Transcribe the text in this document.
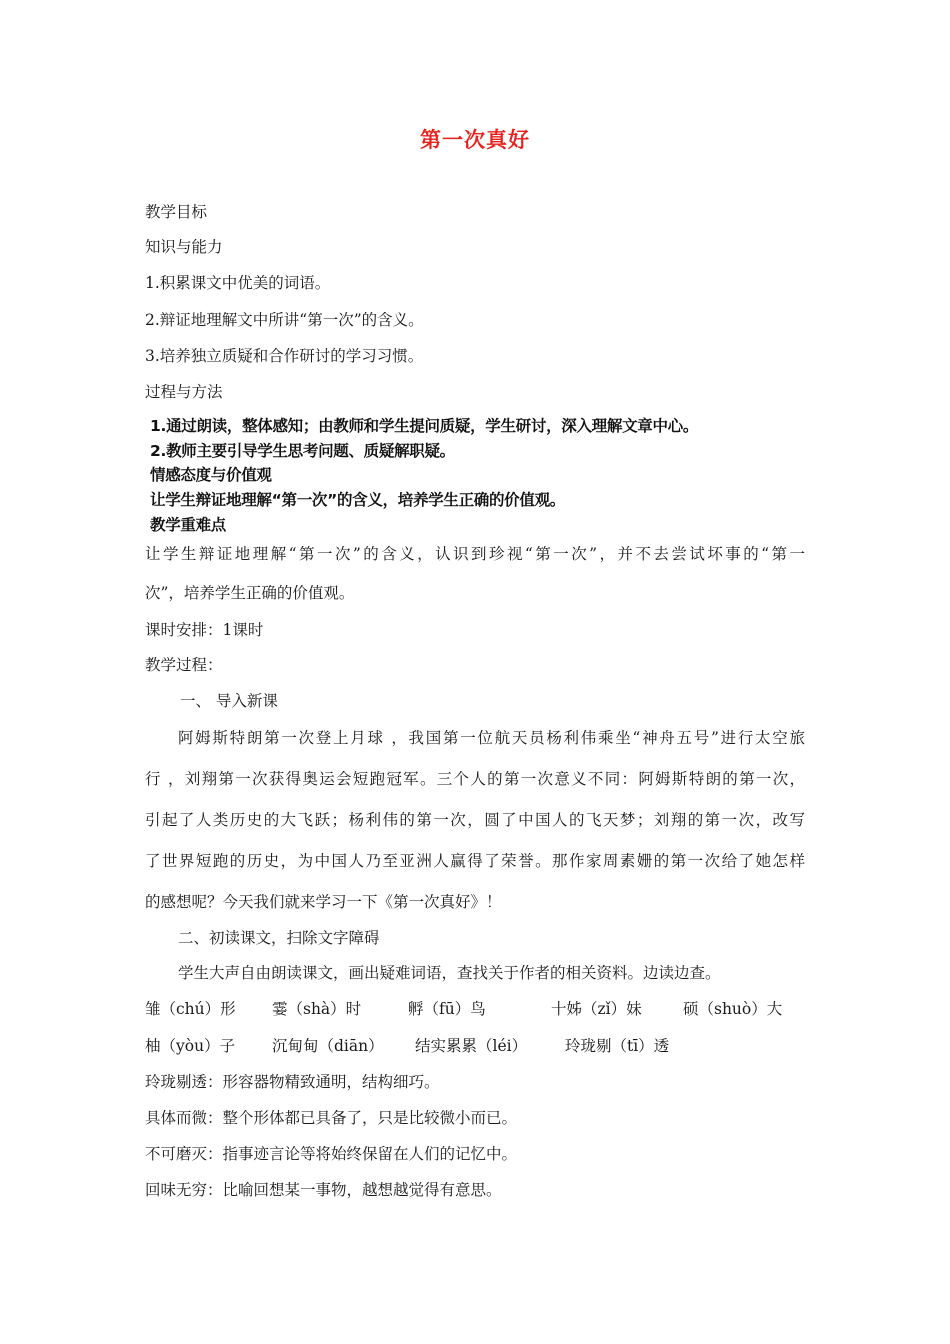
第一次真好
教学目标
知识与能力
1.积累课文中优美的词语。
2.辩证地理解文中所讲“第一次”的含义。
3.培养独立质疑和合作研讨的学习习惯。
过程与方法
1.通过朗读，整体感知；由教师和学生提问质疑，学生研讨，深入理解文章中心。
2.教师主要引导学生思考问题、质疑解职疑。
情感态度与价值观
让学生辩证地理解“第一次”的含义，培养学生正确的价值观。
教学重难点
让学生辩证地理解“第一次”的含义，认识到珍视“第一次”，并不去尝试坏事的“第一
次”，培养学生正确的价值观。
课时安排：1课时
教学过程：
一、 导入新课
阿姆斯特朗第一次登上月球 ，我国第一位航天员杨利伟乘坐“神舟五号”进行太空旅
行 ，刘翔第一次获得奥运会短跑冠军。三个人的第一次意义不同：阿姆斯特朗的第一次，
引起了人类历史的大飞跃；杨利伟的第一次，圆了中国人的飞天梦；刘翔的第一次，改写
了世界短跑的历史，为中国人乃至亚洲人赢得了荣誉。那作家周素姗的第一次给了她怎样
的感想呢？今天我们就来学习一下《第一次真好》！
二、初读课文，扫除文字障碍
学生大声自由朗读课文，画出疑难词语，查找关于作者的相关资料。边读边查。
雏（chú）形 霎（shà）时	孵（fū）鸟	十姊（zǐ）妹	硕（shuò）大
柚（yòu）子 沉甸甸（diān） 结实累累（léi） 玲珑剔（tī）透
玲珑剔透：形容器物精致通明，结构细巧。
具体而微：整个形体都已具备了，只是比较微小而已。
不可磨灭：指事迹言论等将始终保留在人们的记忆中。
回味无穷：比喻回想某一事物，越想越觉得有意思。
